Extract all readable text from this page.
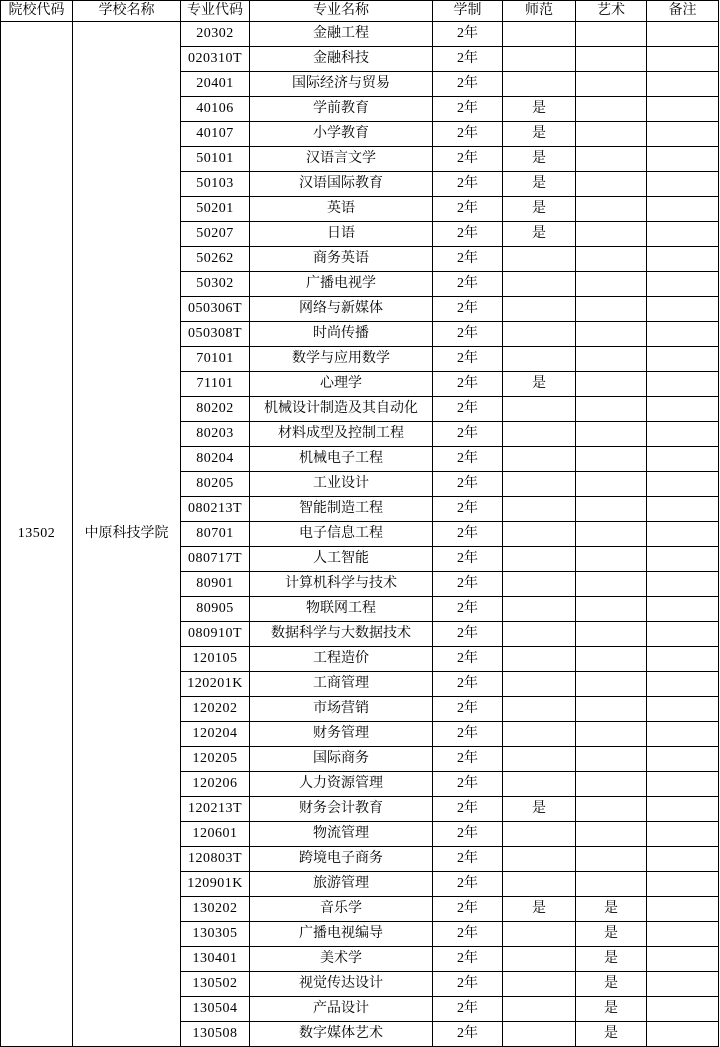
院校代码	学校名称	专业代码	专业名称	学制	师范	艺术	备注
13502	中原科技学院	20302	金融工程	2年			
		020310T	金融科技	2年			
		20401	国际经济与贸易	2年			
		40106	学前教育	2年	是		
		40107	小学教育	2年	是		
		50101	汉语言文学	2年	是		
		50103	汉语国际教育	2年	是		
		50201	英语	2年	是		
		50207	日语	2年	是		
		50262	商务英语	2年			
		50302	广播电视学	2年			
		050306T	网络与新媒体	2年			
		050308T	时尚传播	2年			
		70101	数学与应用数学	2年			
		71101	心理学	2年	是		
		80202	机械设计制造及其自动化	2年			
		80203	材料成型及控制工程	2年			
		80204	机械电子工程	2年			
		80205	工业设计	2年			
		080213T	智能制造工程	2年			
		80701	电子信息工程	2年			
		080717T	人工智能	2年			
		80901	计算机科学与技术	2年			
		80905	物联网工程	2年			
		080910T	数据科学与大数据技术	2年			
		120105	工程造价	2年			
		120201K	工商管理	2年			
		120202	市场营销	2年			
		120204	财务管理	2年			
		120205	国际商务	2年			
		120206	人力资源管理	2年			
		120213T	财务会计教育	2年	是		
		120601	物流管理	2年			
		120803T	跨境电子商务	2年			
		120901K	旅游管理	2年			
		130202	音乐学	2年	是	是	
		130305	广播电视编导	2年		是	
		130401	美术学	2年		是	
		130502	视觉传达设计	2年		是	
		130504	产品设计	2年		是	
		130508	数字媒体艺术	2年		是	
